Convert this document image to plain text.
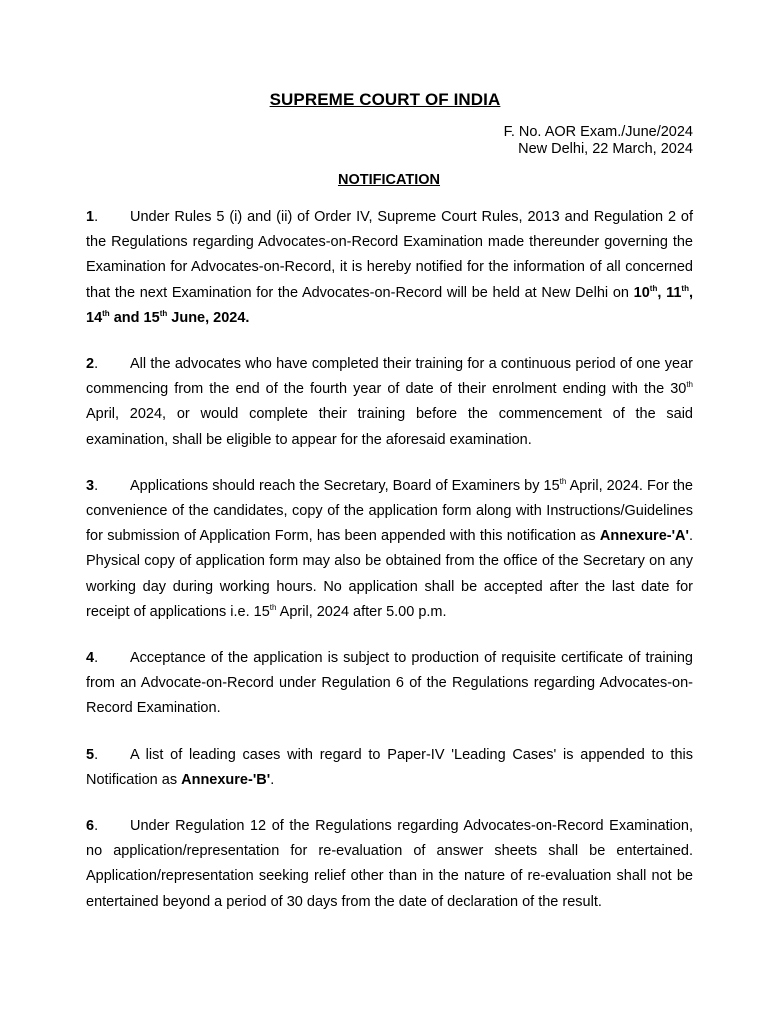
SUPREME COURT OF INDIA
F. No. AOR Exam./June/2024
New Delhi, 22 March, 2024
NOTIFICATION

1. Under Rules 5 (i) and (ii) of Order IV, Supreme Court Rules, 2013 and Regulation 2 of the Regulations regarding Advocates-on-Record Examination made thereunder governing the Examination for Advocates-on-Record, it is hereby notified for the information of all concerned that the next Examination for the Advocates-on-Record will be held at New Delhi on 10th, 11th, 14th and 15th June, 2024.

2. All the advocates who have completed their training for a continuous period of one year commencing from the end of the fourth year of date of their enrolment ending with the 30th April, 2024, or would complete their training before the commencement of the said examination, shall be eligible to appear for the aforesaid examination.

3. Applications should reach the Secretary, Board of Examiners by 15th April, 2024. For the convenience of the candidates, copy of the application form along with Instructions/Guidelines for submission of Application Form, has been appended with this notification as Annexure-'A'. Physical copy of application form may also be obtained from the office of the Secretary on any working day during working hours. No application shall be accepted after the last date for receipt of applications i.e. 15th April, 2024 after 5.00 p.m.

4. Acceptance of the application is subject to production of requisite certificate of training from an Advocate-on-Record under Regulation 6 of the Regulations regarding Advocates-on-Record Examination.

5. A list of leading cases with regard to Paper-IV 'Leading Cases' is appended to this Notification as Annexure-'B'.

6. Under Regulation 12 of the Regulations regarding Advocates-on-Record Examination, no application/representation for re-evaluation of answer sheets shall be entertained. Application/representation seeking relief other than in the nature of re-evaluation shall not be entertained beyond a period of 30 days from the date of declaration of the result.
